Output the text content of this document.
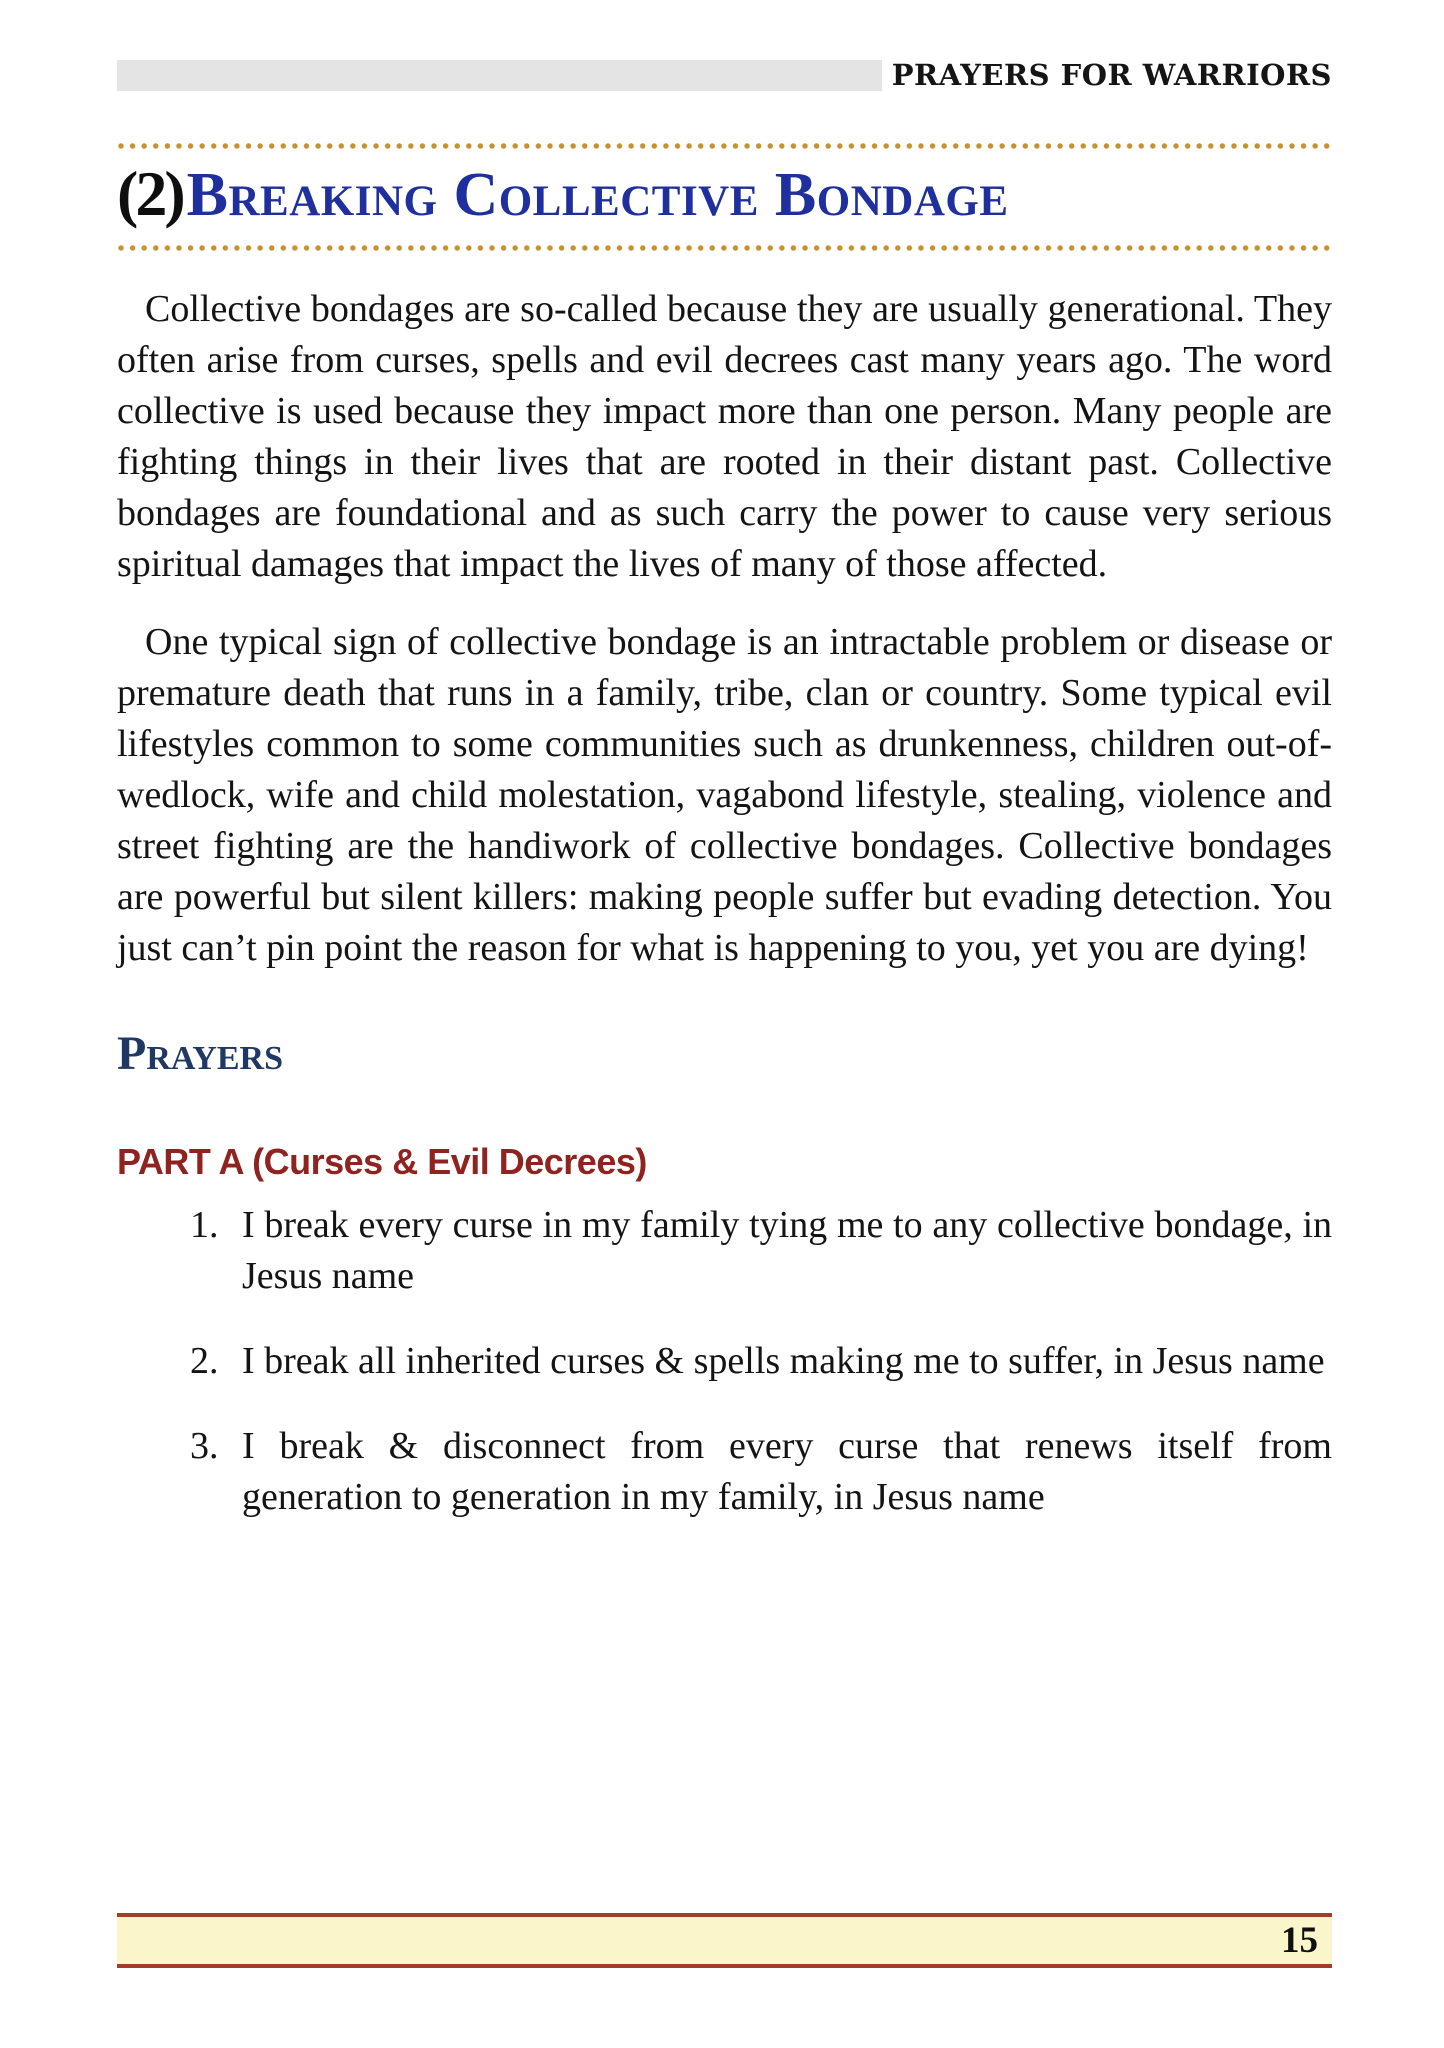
PRAYERS FOR WARRIORS
(2)Breaking Collective Bondage

Collective bondages are so-called because they are usually generational. They often arise from curses, spells and evil decrees cast many years ago. The word collective is used because they impact more than one person. Many people are fighting things in their lives that are rooted in their distant past. Collective bondages are foundational and as such carry the power to cause very serious spiritual damages that impact the lives of many of those affected.

One typical sign of collective bondage is an intractable problem or disease or premature death that runs in a family, tribe, clan or country. Some typical evil lifestyles common to some communities such as drunkenness, children out-of-wedlock, wife and child molestation, vagabond lifestyle, stealing, violence and street fighting are the handiwork of collective bondages. Collective bondages are powerful but silent killers: making people suffer but evading detection. You just can’t pin point the reason for what is happening to you, yet you are dying!

Prayers
PART A (Curses & Evil Decrees)
1. I break every curse in my family tying me to any collective bondage, in Jesus name
2. I break all inherited curses & spells making me to suffer, in Jesus name
3. I break & disconnect from every curse that renews itself from generation to generation in my family, in Jesus name
15
